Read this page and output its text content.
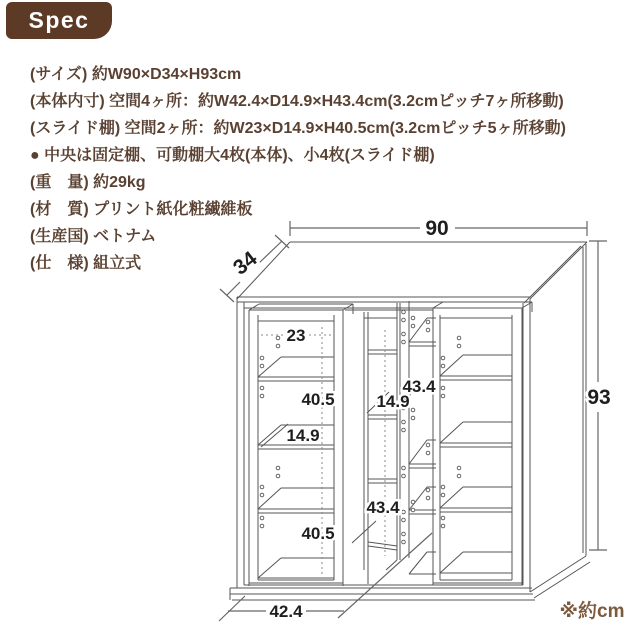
Spec
(サイズ) 約W90×D34×H93cm
(本体内寸) 空間4ヶ所：約W42.4×D14.9×H43.4cm(3.2cmピッチ7ヶ所移動)
(スライド棚) 空間2ヶ所：約W23×D14.9×H40.5cm(3.2cmピッチ5ヶ所移動)
● 中央は固定棚、可動棚大4枚(本体)、小4枚(スライド棚)
(重　量) 約29kg
(材　質) プリント紙化粧繊維板
(生産国) ベトナム
(仕　様) 組立式
90
34
93
23
40.5
14.9
40.5
14.9
43.4
43.4
42.4	※約cm
